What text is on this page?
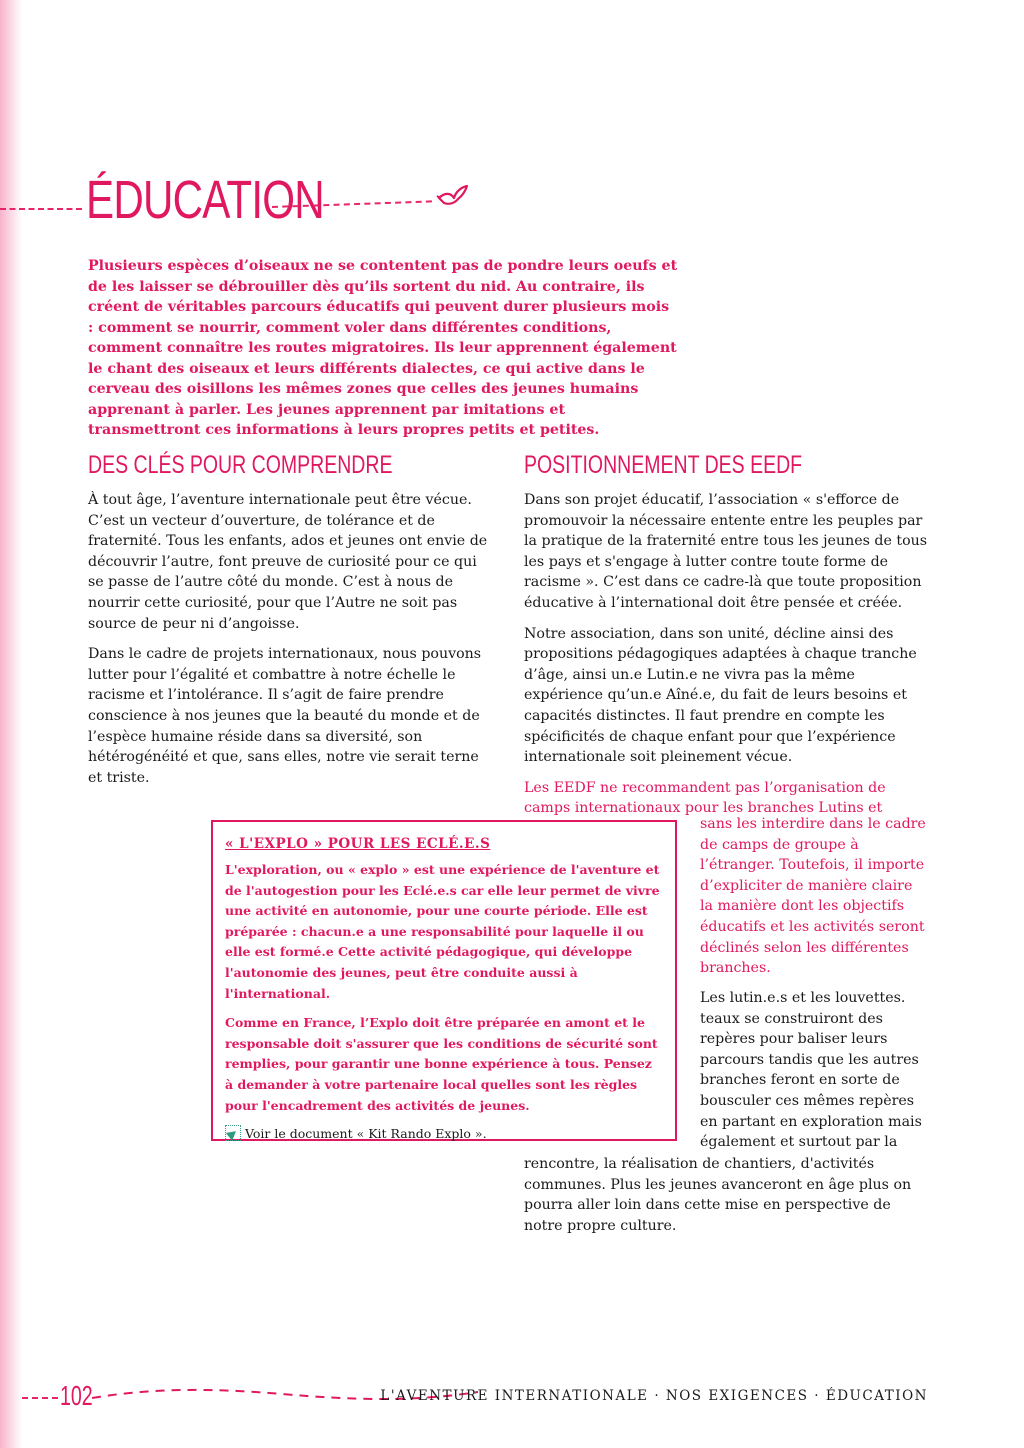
ÉDUCATION

Plusieurs espèces d’oiseaux ne se contentent pas de pondre leurs oeufs et de les laisser se débrouiller dès qu’ils sortent du nid. Au contraire, ils créent de véritables parcours éducatifs qui peuvent durer plusieurs mois : comment se nourrir, comment voler dans différentes conditions, comment connaître les routes migratoires. Ils leur apprennent également le chant des oiseaux et leurs différents dialectes, ce qui active dans le cerveau des oisillons les mêmes zones que celles des jeunes humains apprenant à parler. Les jeunes apprennent par imitations et transmettront ces informations à leurs propres petits et petites.

DES CLÉS POUR COMPRENDRE

À tout âge, l’aventure internationale peut être vécue. C’est un vecteur d’ouverture, de tolérance et de fraternité. Tous les enfants, ados et jeunes ont envie de découvrir l’autre, font preuve de curiosité pour ce qui se passe de l’autre côté du monde. C’est à nous de nourrir cette curiosité, pour que l’Autre ne soit pas source de peur ni d’angoisse.

Dans le cadre de projets internationaux, nous pouvons lutter pour l’égalité et combattre à notre échelle le racisme et l’intolérance. Il s’agit de faire prendre conscience à nos jeunes que la beauté du monde et de l’espèce humaine réside dans sa diversité, son hétérogénéité et que, sans elles, notre vie serait terne et triste.

POSITIONNEMENT DES EEDF

Dans son projet éducatif, l’association « s'efforce de promouvoir la nécessaire entente entre les peuples par la pratique de la fraternité entre tous les jeunes de tous les pays et s'engage à lutter contre toute forme de racisme ». C’est dans ce cadre-là que toute proposition éducative à l’international doit être pensée et créée.

Notre association, dans son unité, décline ainsi des propositions pédagogiques adaptées à chaque tranche d’âge, ainsi un.e Lutin.e ne vivra pas la même expérience qu’un.e Aîné.e, du fait de leurs besoins et capacités distinctes. Il faut prendre en compte les spécificités de chaque enfant pour que l’expérience internationale soit pleinement vécue.

Les EEDF ne recommandent pas l’organisation de camps internationaux pour les branches Lutins et

sans les interdire dans le cadre de camps de groupe à l’étranger. Toutefois, il importe d’expliciter de manière claire la manière dont les objectifs éducatifs et les activités seront déclinés selon les différentes branches.
Les lutin.e.s et les louvettes. teaux se construiront des repères pour baliser leurs parcours tandis que les autres branches feront en sorte de bousculer ces mêmes repères en partant en exploration mais également et surtout par la
rencontre, la réalisation de chantiers, d'activités communes. Plus les jeunes avanceront en âge plus on pourra aller loin dans cette mise en perspective de notre propre culture.
« L'EXPLO » POUR LES ECLÉ.E.S

L'exploration, ou « explo » est une expérience de l'aventure et de l'autogestion pour les Eclé.e.s car elle leur permet de vivre une activité en autonomie, pour une courte période. Elle est préparée : chacun.e a une responsabilité pour laquelle il ou elle est formé.e Cette activité pédagogique, qui développe l'autonomie des jeunes, peut être conduite aussi à l'international.

Comme en France, l’Explo doit être préparée en amont et le responsable doit s'assurer que les conditions de sécurité sont remplies, pour garantir une bonne expérience à tous. Pensez à demander à votre partenaire local quelles sont les règles pour l'encadrement des activités de jeunes.

Voir le document « Kit Rando Explo ».
102	L'AVENTURE INTERNATIONALE · NOS EXIGENCES · ÉDUCATION
